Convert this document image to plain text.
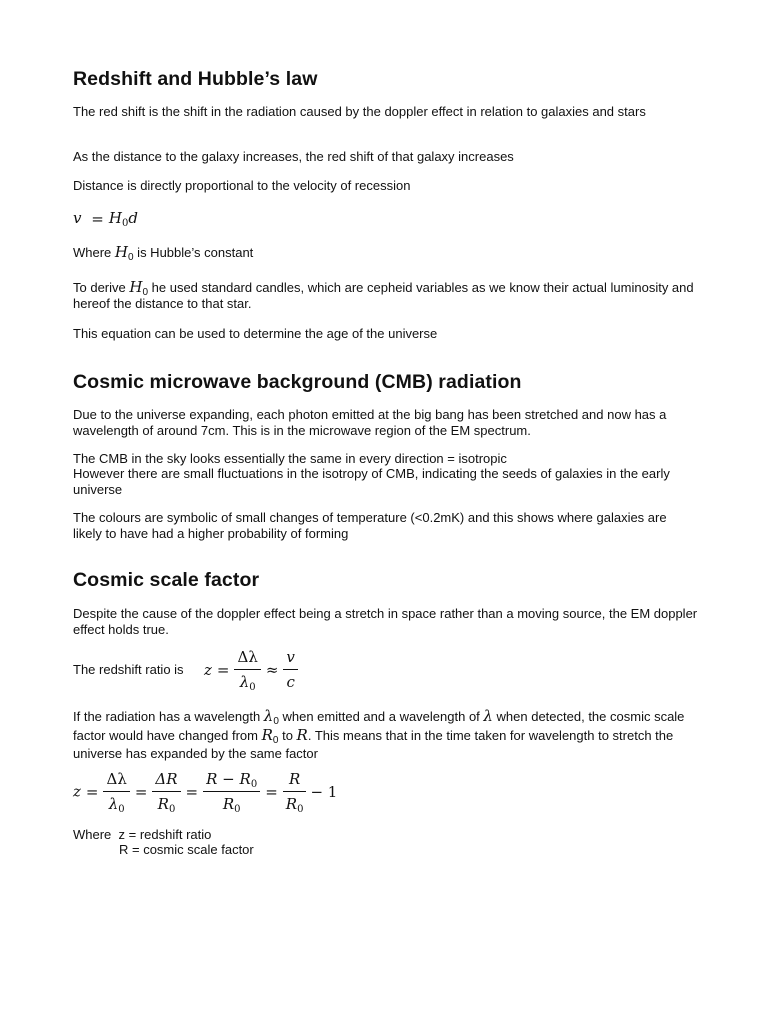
Redshift and Hubble’s law

The red shift is the shift in the radiation caused by the doppler effect in relation to galaxies and stars

As the distance to the galaxy increases, the red shift of that galaxy increases

Distance is directly proportional to the velocity of recession

$v = H_0d$

Where $H_0$ is Hubble’s constant

To derive $H_0$ he used standard candles, which are cepheid variables as we know their actual luminosity and hereof the distance to that star.

This equation can be used to determine the age of the universe

Cosmic microwave background (CMB) radiation

Due to the universe expanding, each photon emitted at the big bang has been stretched and now has a wavelength of around 7cm. This is in the microwave region of the EM spectrum.

The CMB in the sky looks essentially the same in every direction = isotropic

However there are small fluctuations in the isotropy of CMB, indicating the seeds of galaxies in the early universe

The colours are symbolic of small changes of temperature (<0.2mK) and this shows where galaxies are likely to have had a higher probability of forming

Cosmic scale factor

Despite the cause of the doppler effect being a stretch in space rather than a moving source, the EM doppler effect holds true.

The redshift ratio is $z = \frac{\Delta\lambda}{\lambda_0} \approx \frac{v}{c}$

If the radiation has a wavelength $\lambda_0$ when emitted and a wavelength of λ when detected, the cosmic scale factor would have changed from $R_0$ to R. This means that in the time taken for wavelength to stretch the universe has expanded by the same factor

$z = \frac{\Delta\lambda}{\lambda_0} = \frac{\Delta R}{R_0} = \frac{R - R_0}{R_0} = \frac{R}{R_0} - 1$

Where  z = redshift ratio

R = cosmic scale factor
